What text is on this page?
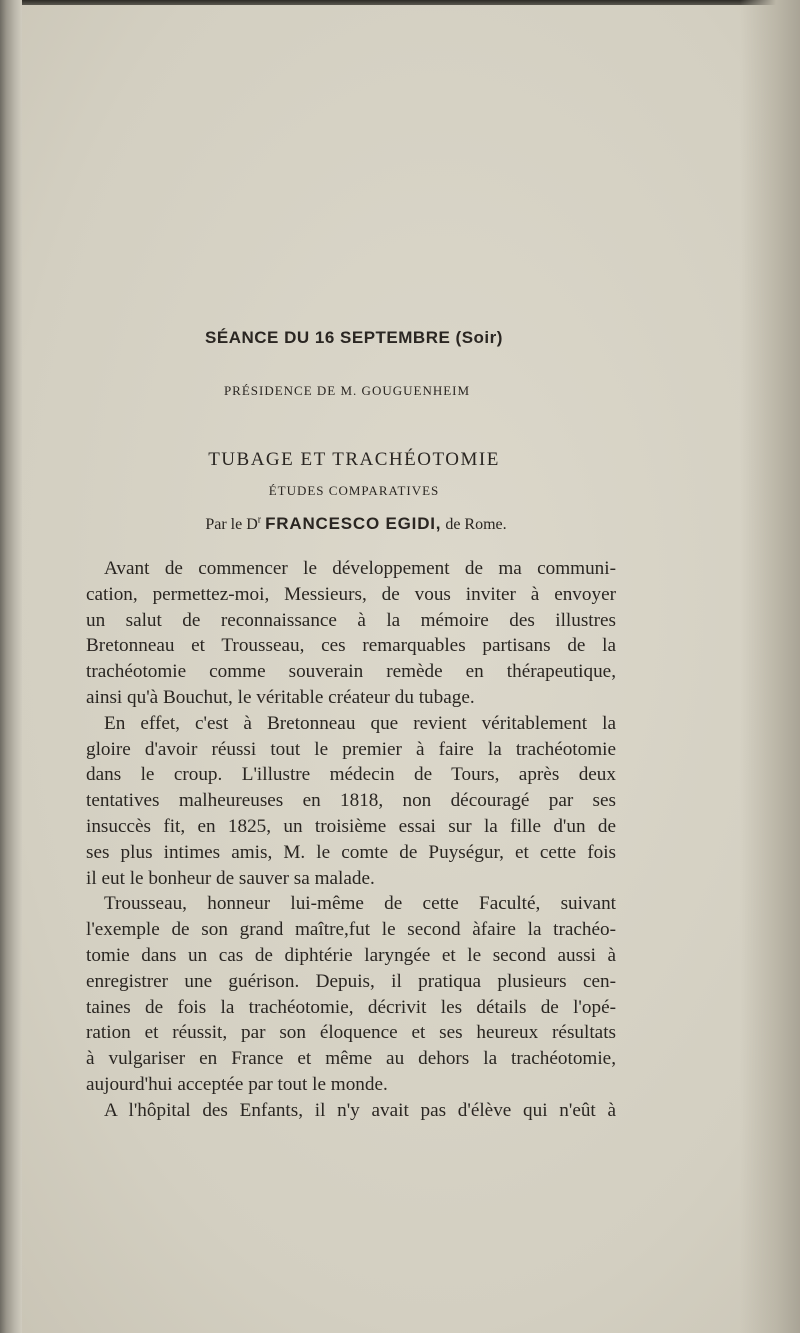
SÉANCE DU 16 SEPTEMBRE (Soir)
PRÉSIDENCE DE M. GOUGUENHEIM
TUBAGE ET TRACHÉOTOMIE
ÉTUDES COMPARATIVES
Par le $D^r$ FRANCESCO EGIDI, de Rome.
Avant de commencer le développement de ma communi-
cation, permettez-moi, Messieurs, de vous inviter à envoyer
un salut de reconnaissance à la mémoire des illustres
Bretonneau et Trousseau, ces remarquables partisans de la
trachéotomie comme souverain remède en thérapeutique,
ainsi qu'à Bouchut, le véritable créateur du tubage.
En effet, c'est à Bretonneau que revient véritablement la
gloire d'avoir réussi tout le premier à faire la trachéotomie
dans le croup. L'illustre médecin de Tours, après deux
tentatives malheureuses en 1818, non découragé par ses
insuccès fit, en 1825, un troisième essai sur la fille d'un de
ses plus intimes amis, M. le comte de Puységur, et cette fois
il eut le bonheur de sauver sa malade.
Trousseau, honneur lui-même de cette Faculté, suivant
l'exemple de son grand maître,fut le second àfaire la trachéo-
tomie dans un cas de diphtérie laryngée et le second aussi à
enregistrer une guérison. Depuis, il pratiqua plusieurs cen-
taines de fois la trachéotomie, décrivit les détails de l'opé-
ration et réussit, par son éloquence et ses heureux résultats
à vulgariser en France et même au dehors la trachéotomie,
aujourd'hui acceptée par tout le monde.
A l'hôpital des Enfants, il n'y avait pas d'élève qui n'eût à
